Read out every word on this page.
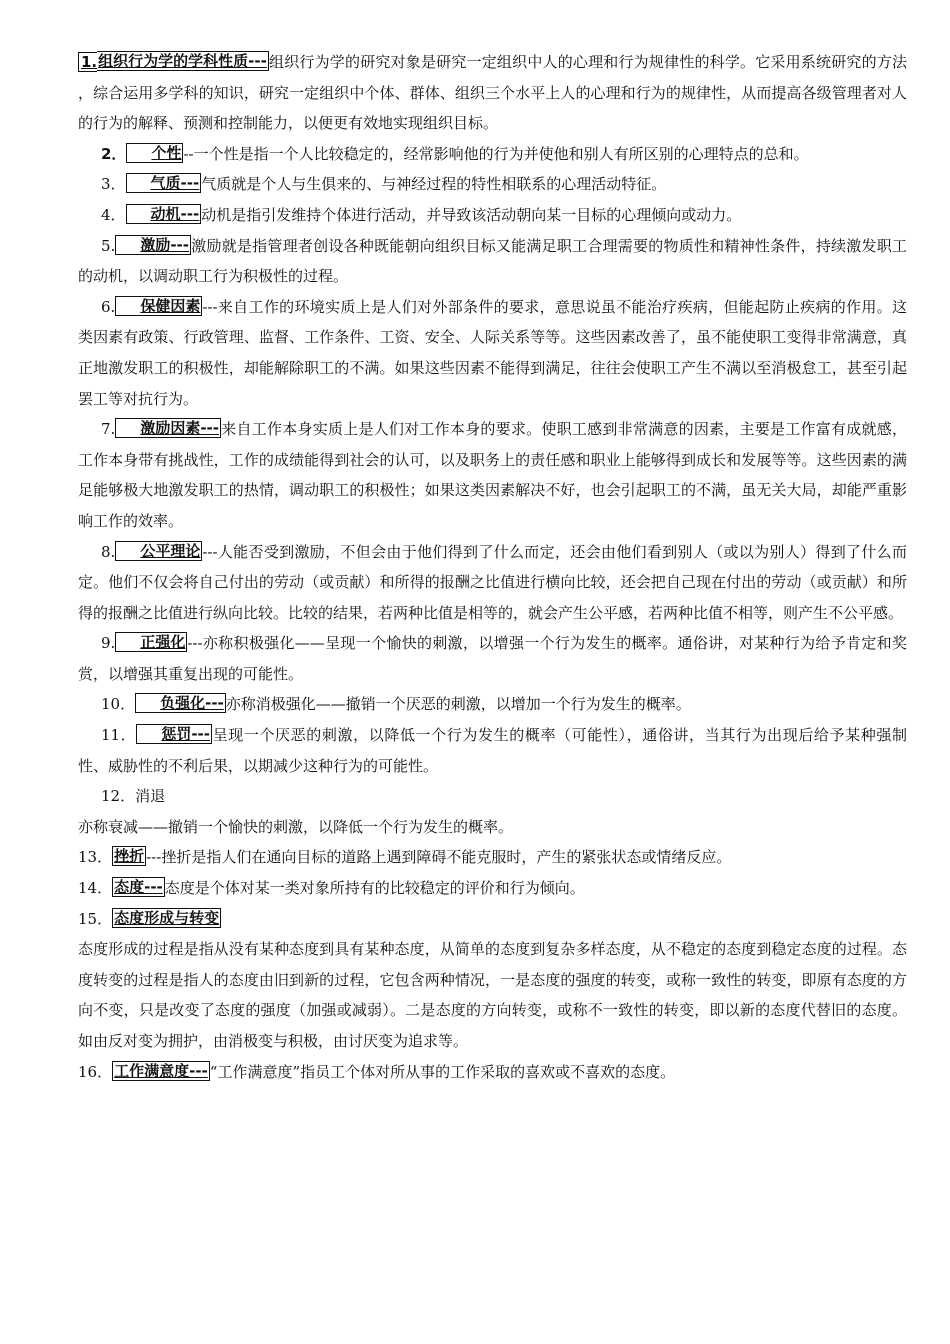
1.组织行为学的学科性质--- 组织行为学的研究对象是研究一定组织中人的心理和行为规律性的科学。它采用系统研究的方法 ，综合运用多学科的知识，研究一定组织中个体、群体、组织三个水平上人的心理和行为的规律性，从而提高各级管理者对人的行为的解释、预测和控制能力，以便更有效地实现组织目标。

2． 个性 --一个性是指一个人比较稳定的，经常影响他的行为并使他和别人有所区别的心理特点的总和。

3． 气质--- 气质就是个人与生俱来的、与神经过程的特性相联系的心理活动特征。

4． 动机--- 动机是指引发维持个体进行活动，并导致该活动朝向某一目标的心理倾向或动力。

5. 激励--- 激励就是指管理者创设各种既能朝向组织目标又能满足职工合理需要的物质性和精神性条件，持续激发职工的动机，以调动职工行为积极性的过程。

6. 保健因素 ---来自工作的环境实质上是人们对外部条件的要求，意思说虽不能治疗疾病，但能起防止疾病的作用。这类因素有政策、行政管理、监督、工作条件、工资、安全、人际关系等等。这些因素改善了，虽不能使职工变得非常满意，真正地激发职工的积极性，却能解除职工的不满。如果这些因素不能得到满足，往往会使职工产生不满以至消极怠工，甚至引起罢工等对抗行为。

7. 激励因素--- 来自工作本身实质上是人们对工作本身的要求。使职工感到非常满意的因素，主要是工作富有成就感，工作本身带有挑战性，工作的成绩能得到社会的认可，以及职务上的责任感和职业上能够得到成长和发展等等。这些因素的满足能够极大地激发职工的热情，调动职工的积极性；如果这类因素解决不好，也会引起职工的不满，虽无关大局，却能严重影响工作的效率。

8. 公平理论 ---人能否受到激励，不但会由于他们得到了什么而定，还会由他们看到别人（或以为别人）得到了什么而定。他们不仅会将自己付出的劳动（或贡献）和所得的报酬之比值进行横向比较，还会把自己现在付出的劳动（或贡献）和所得的报酬之比值进行纵向比较。比较的结果，若两种比值是相等的，就会产生公平感，若两种比值不相等，则产生不公平感。

9. 正强化 ---亦称积极强化——呈现一个愉快的刺激，以增强一个行为发生的概率。通俗讲，对某种行为给予肯定和奖赏，以增强其重复出现的可能性。

10． 负强化--- 亦称消极强化——撤销一个厌恶的刺激，以增加一个行为发生的概率。

11． 惩罚--- 呈现一个厌恶的刺激，以降低一个行为发生的概率（可能性），通俗讲，当其行为出现后给予某种强制性、威胁性的不利后果，以期减少这种行为的可能性。

12．消退

亦称衰减——撤销一个愉快的刺激，以降低一个行为发生的概率。

13． 挫折 ---挫折是指人们在通向目标的道路上遇到障碍不能克服时，产生的紧张状态或情绪反应。

14． 态度--- 态度是个体对某一类对象所持有的比较稳定的评价和行为倾向。

15． 态度形成与转变

态度形成的过程是指从没有某种态度到具有某种态度，从简单的态度到复杂多样态度，从不稳定的态度到稳定态度的过程。态度转变的过程是指人的态度由旧到新的过程，它包含两种情况，一是态度的强度的转变，或称一致性的转变，即原有态度的方向不变，只是改变了态度的强度（加强或减弱）。二是态度的方向转变，或称不一致性的转变，即以新的态度代替旧的态度。如由反对变为拥护，由消极变与积极，由讨厌变为追求等。

16． 工作满意度--- “工作满意度”指员工个体对所从事的工作采取的喜欢或不喜欢的态度。
